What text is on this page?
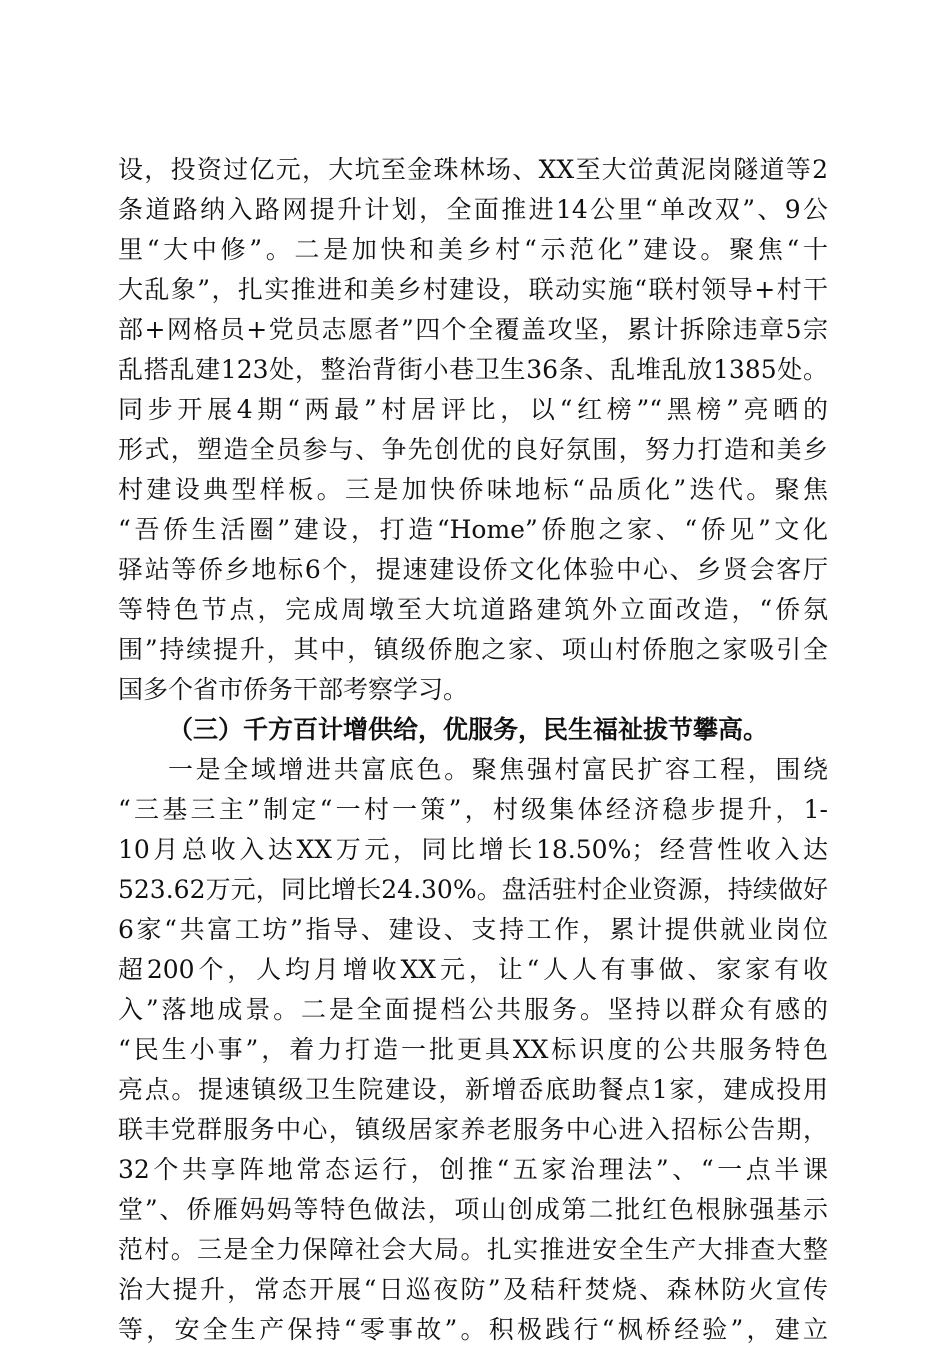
设，投资过亿元，大坑至金珠林场、XX至大峃黄泥岗隧道等2
条道路纳入路网提升计划，全面推进14公里“单改双”、9公
里“大中修”。二是加快和美乡村“示范化”建设。聚焦“十
大乱象”，扎实推进和美乡村建设，联动实施“联村领导+村干
部+网格员+党员志愿者”四个全覆盖攻坚，累计拆除违章5宗
乱搭乱建123处，整治背街小巷卫生36条、乱堆乱放1385处。
同步开展4期“两最”村居评比，以“红榜”“黑榜”亮晒的
形式，塑造全员参与、争先创优的良好氛围，努力打造和美乡
村建设典型样板。三是加快侨味地标“品质化”迭代。聚焦
“吾侨生活圈”建设，打造“Home”侨胞之家、“侨见”文化
驿站等侨乡地标6个，提速建设侨文化体验中心、乡贤会客厅
等特色节点，完成周墩至大坑道路建筑外立面改造，“侨氛
围”持续提升，其中，镇级侨胞之家、项山村侨胞之家吸引全
国多个省市侨务干部考察学习。
（三）千方百计增供给，优服务，民生福祉拔节攀高。
一是全域增进共富底色。聚焦强村富民扩容工程，围绕
“三基三主”制定“一村一策”，村级集体经济稳步提升，1-
10月总收入达XX万元，同比增长18.50%；经营性收入达
523.62万元，同比增长24.30%。盘活驻村企业资源，持续做好
6家“共富工坊”指导、建设、支持工作，累计提供就业岗位
超200个，人均月增收XX元，让“人人有事做、家家有收
入”落地成景。二是全面提档公共服务。坚持以群众有感的
“民生小事”，着力打造一批更具XX标识度的公共服务特色
亮点。提速镇级卫生院建设，新增岙底助餐点1家，建成投用
联丰党群服务中心，镇级居家养老服务中心进入招标公告期，
32个共享阵地常态运行，创推“五家治理法”、“一点半课
堂”、侨雁妈妈等特色做法，项山创成第二批红色根脉强基示
范村。三是全力保障社会大局。扎实推进安全生产大排查大整
治大提升，常态开展“日巡夜防”及秸秆焚烧、森林防火宣传
等，安全生产保持“零事故”。积极践行“枫桥经验”，建立
